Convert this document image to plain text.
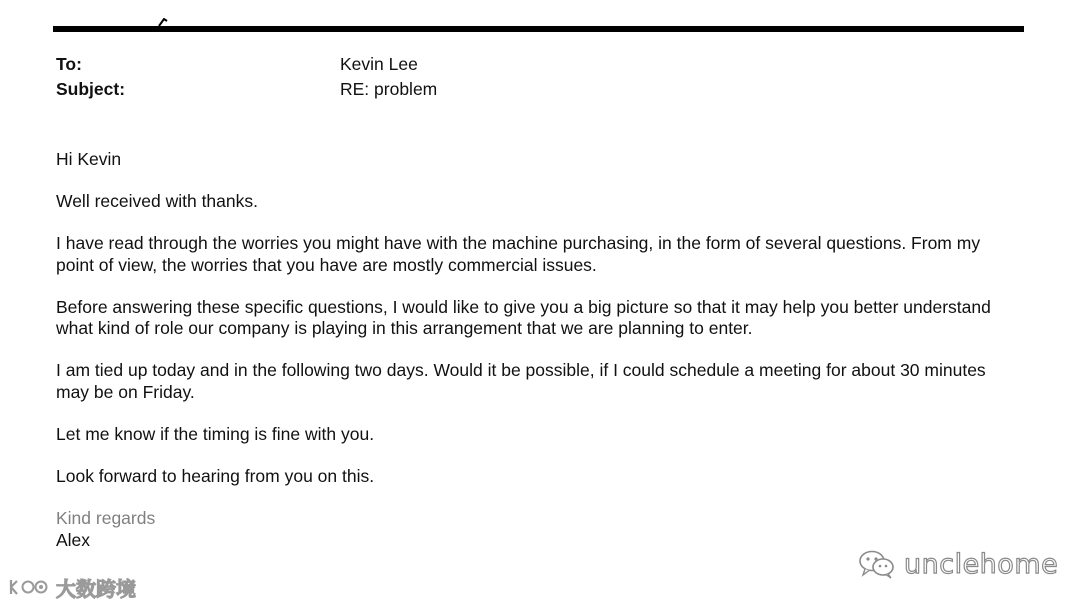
To:	Kevin Lee
Subject:	RE: problem

Hi Kevin

Well received with thanks.

I have read through the worries you might have with the machine purchasing, in the form of several questions. From my point of view, the worries that you have are mostly commercial issues.

Before answering these specific questions, I would like to give you a big picture so that it may help you better understand what kind of role our company is playing in this arrangement that we are planning to enter.

I am tied up today and in the following two days. Would it be possible, if I could schedule a meeting for about 30 minutes may be on Friday.

Let me know if the timing is fine with you.

Look forward to hearing from you on this.

Kind regards

Alex

unclehome
大数跨境
